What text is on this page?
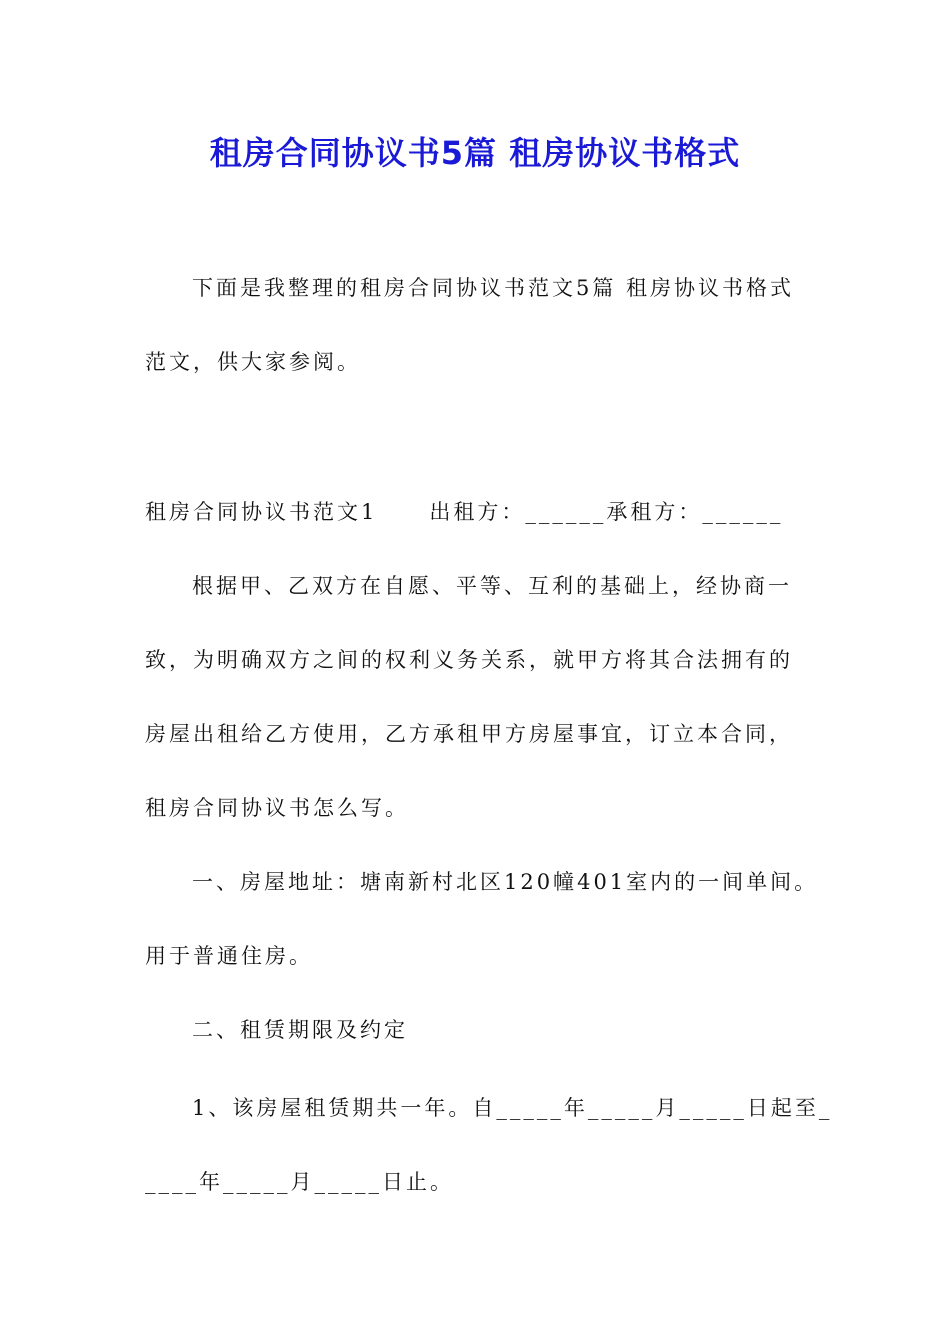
租房合同协议书5篇 租房协议书格式
下面是我整理的租房合同协议书范文5篇 租房协议书格式
范文，供大家参阅。
租房合同协议书范文1 出租方：______承租方：______
根据甲、乙双方在自愿、平等、互利的基础上，经协商一
致，为明确双方之间的权利义务关系，就甲方将其合法拥有的
房屋出租给乙方使用，乙方承租甲方房屋事宜，订立本合同，
租房合同协议书怎么写。
一、房屋地址：塘南新村北区120幢401室内的一间单间。
用于普通住房。
二、租赁期限及约定
1、该房屋租赁期共一年。自_____年_____月_____日起至_
____年_____月_____日止。
